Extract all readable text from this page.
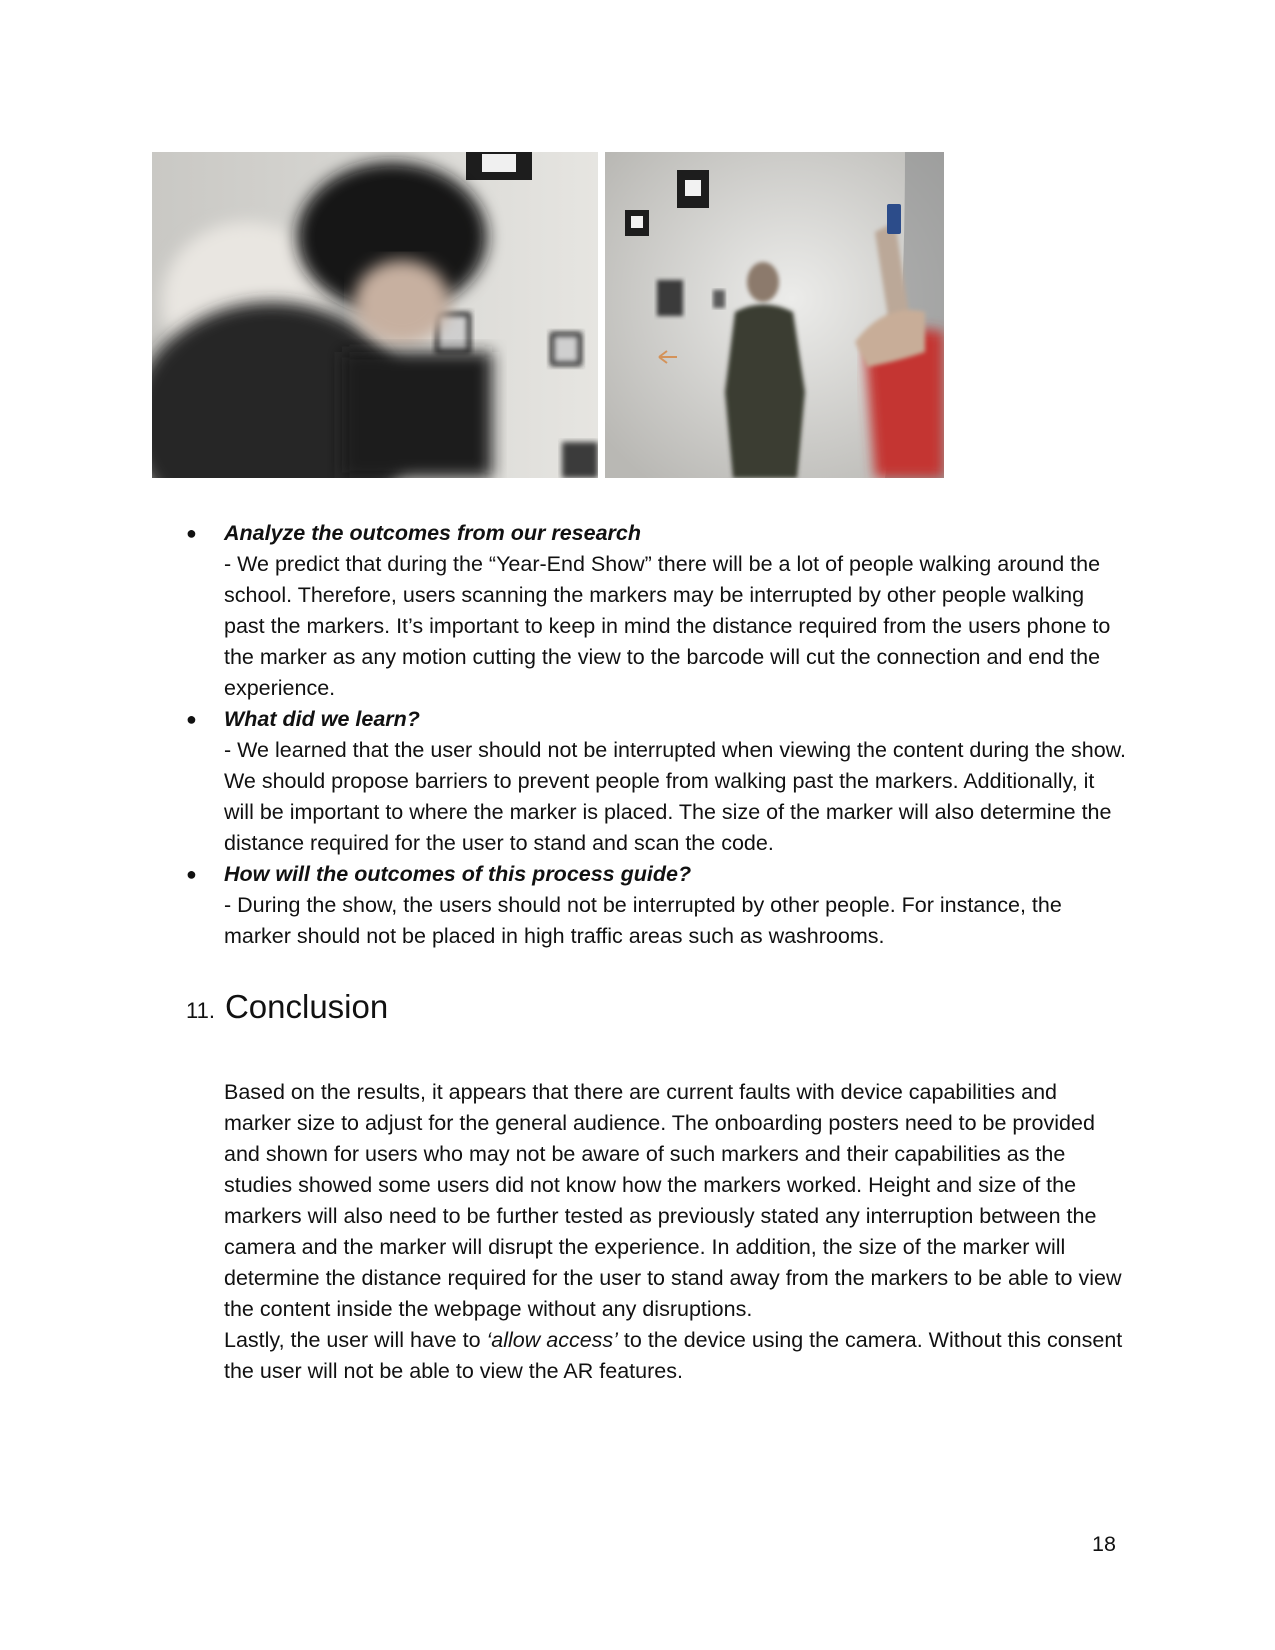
●	Analyze the outcomes from our research
- We predict that during the “Year-End Show” there will be a lot of people walking around the school. Therefore, users scanning the markers may be interrupted by other people walking past the markers. It’s important to keep in mind the distance required from the users phone to the marker as any motion cutting the view to the barcode will cut the connection and end the experience.
●	What did we learn?
- We learned that the user should not be interrupted when viewing the content during the show. We should propose barriers to prevent people from walking past the markers. Additionally, it will be important to where the marker is placed. The size of the marker will also determine the distance required for the user to stand and scan the code.
●	How will the outcomes of this process guide?
- During the show, the users should not be interrupted by other people. For instance, the marker should not be placed in high traffic areas such as washrooms.
11. Conclusion

Based on the results, it appears that there are current faults with device capabilities and marker size to adjust for the general audience. The onboarding posters need to be provided and shown for users who may not be aware of such markers and their capabilities as the studies showed some users did not know how the markers worked. Height and size of the markers will also need to be further tested as previously stated any interruption between the camera and the marker will disrupt the experience. In addition, the size of the marker will determine the distance required for the user to stand away from the markers to be able to view the content inside the webpage without any disruptions.

Lastly, the user will have to ‘allow access’ to the device using the camera. Without this consent the user will not be able to view the AR features.

18
